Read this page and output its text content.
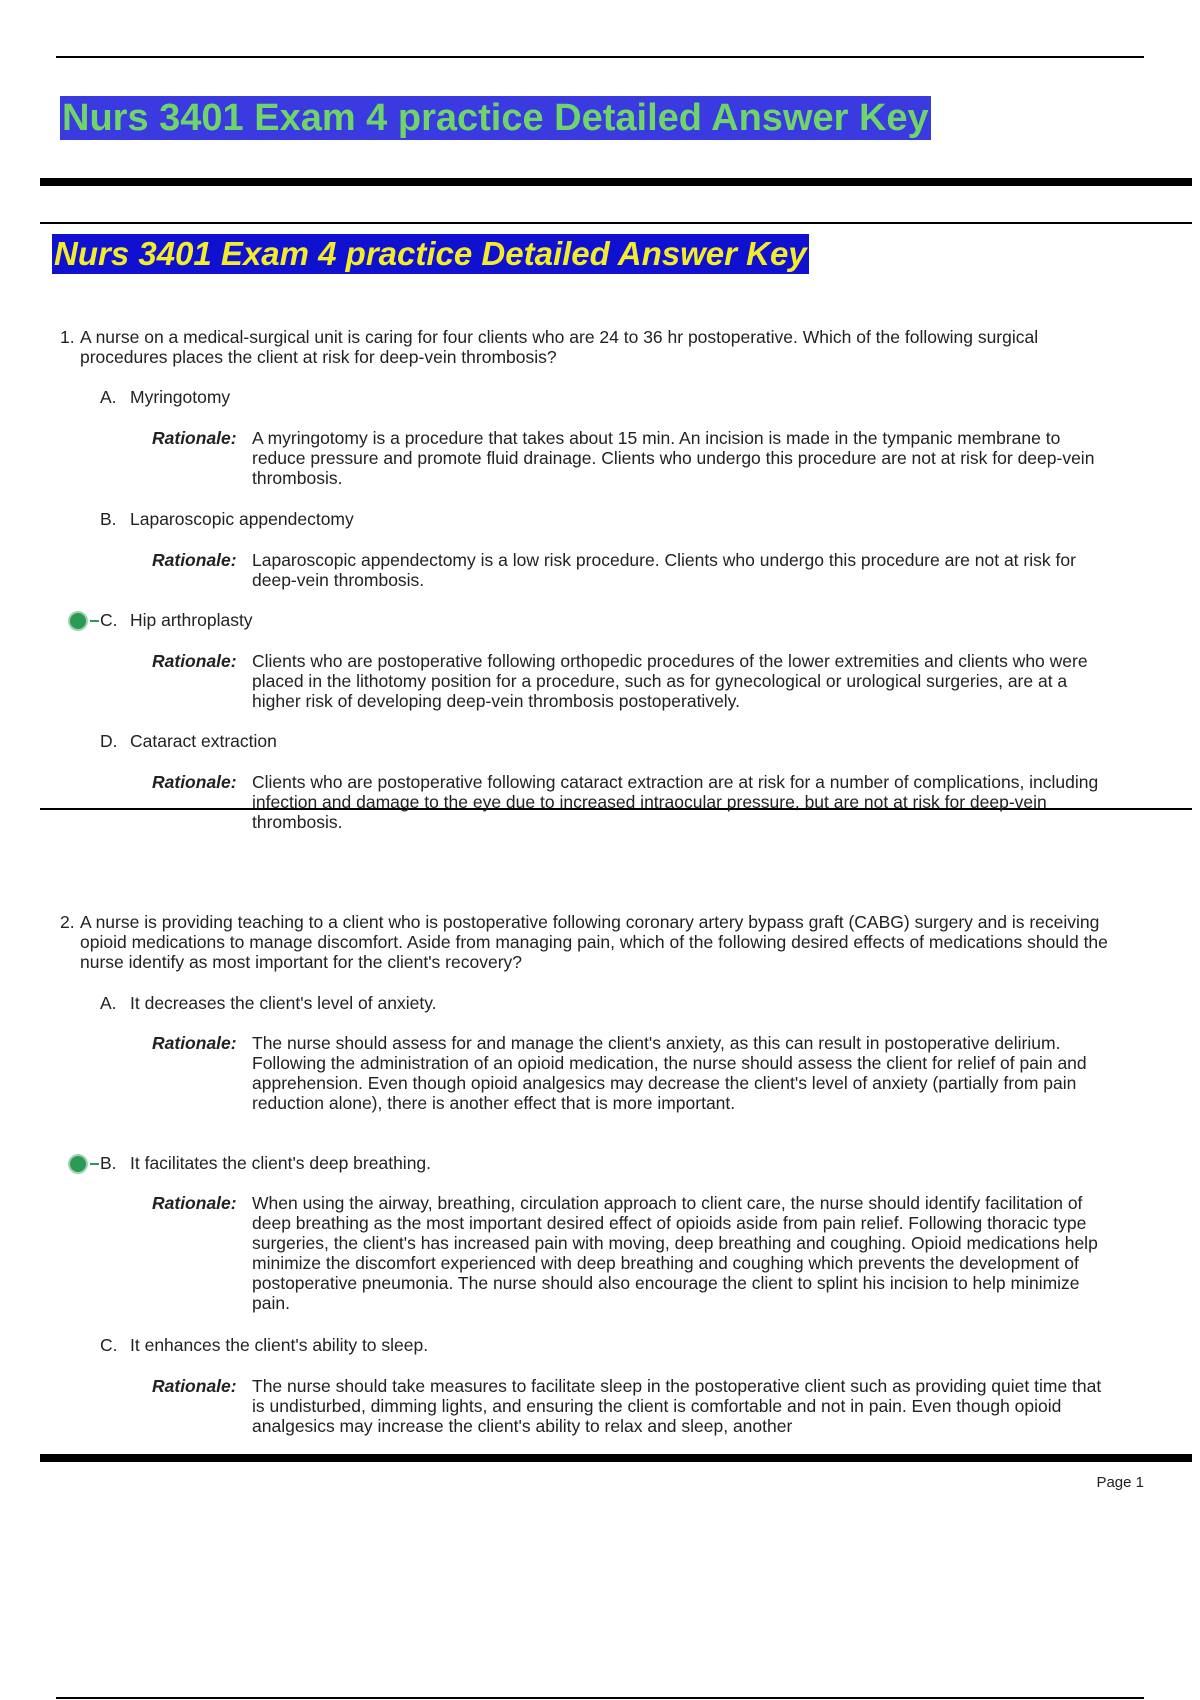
Nurs 3401 Exam 4 practice Detailed Answer Key
Nurs 3401 Exam 4 practice Detailed Answer Key
1. A nurse on a medical-surgical unit is caring for four clients who are 24 to 36 hr postoperative. Which of the following surgical procedures places the client at risk for deep-vein thrombosis?
A. Myringotomy
Rationale: A myringotomy is a procedure that takes about 15 min. An incision is made in the tympanic membrane to reduce pressure and promote fluid drainage. Clients who undergo this procedure are not at risk for deep-vein thrombosis.
B. Laparoscopic appendectomy
Rationale: Laparoscopic appendectomy is a low risk procedure. Clients who undergo this procedure are not at risk for deep-vein thrombosis.
C. Hip arthroplasty
Rationale: Clients who are postoperative following orthopedic procedures of the lower extremities and clients who were placed in the lithotomy position for a procedure, such as for gynecological or urological surgeries, are at a higher risk of developing deep-vein thrombosis postoperatively.
D. Cataract extraction
Rationale: Clients who are postoperative following cataract extraction are at risk for a number of complications, including infection and damage to the eye due to increased intraocular pressure, but are not at risk for deep-vein thrombosis.
2. A nurse is providing teaching to a client who is postoperative following coronary artery bypass graft (CABG) surgery and is receiving opioid medications to manage discomfort. Aside from managing pain, which of the following desired effects of medications should the nurse identify as most important for the client's recovery?
A. It decreases the client's level of anxiety.
Rationale: The nurse should assess for and manage the client's anxiety, as this can result in postoperative delirium. Following the administration of an opioid medication, the nurse should assess the client for relief of pain and apprehension. Even though opioid analgesics may decrease the client's level of anxiety (partially from pain reduction alone), there is another effect that is more important.
B. It facilitates the client's deep breathing.
Rationale: When using the airway, breathing, circulation approach to client care, the nurse should identify facilitation of deep breathing as the most important desired effect of opioids aside from pain relief. Following thoracic type surgeries, the client's has increased pain with moving, deep breathing and coughing. Opioid medications help minimize the discomfort experienced with deep breathing and coughing which prevents the development of postoperative pneumonia. The nurse should also encourage the client to splint his incision to help minimize pain.
C. It enhances the client's ability to sleep.
Rationale: The nurse should take measures to facilitate sleep in the postoperative client such as providing quiet time that is undisturbed, dimming lights, and ensuring the client is comfortable and not in pain. Even though opioid analgesics may increase the client's ability to relax and sleep, another
Page 1
